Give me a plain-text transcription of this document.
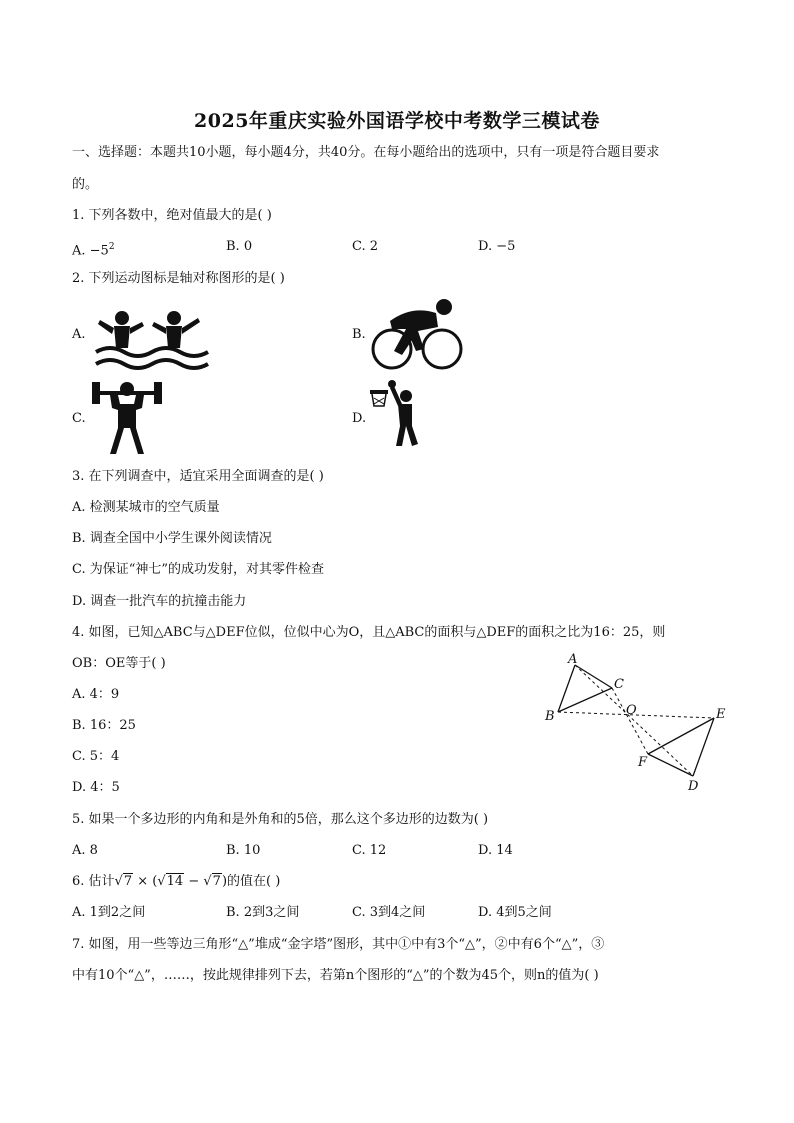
2025年重庆实验外国语学校中考数学三模试卷
一、选择题：本题共10小题，每小题4分，共40分。在每小题给出的选项中，只有一项是符合题目要求
的。
1. 下列各数中，绝对值最大的是( )
A. $-5^2$	B. 0	C. 2	D. −5
2. 下列运动图标是轴对称图形的是( )
A.	B.
C.	D.
3. 在下列调查中，适宜采用全面调查的是( )
A. 检测某城市的空气质量
B. 调查全国中小学生课外阅读情况
C. 为保证“神七”的成功发射，对其零件检查
D. 调查一批汽车的抗撞击能力
4. 如图，已知△ABC与△DEF位似，位似中心为O，且△ABC的面积与△DEF的面积之比为16：25，则
OB：OE等于( )
A. 4：9
B. 16：25
C. 5：4
D. 4：5
A
B
C
O	E
F
D
5. 如果一个多边形的内角和是外角和的5倍，那么这个多边形的边数为( )
A. 8	B. 10	C. 12	D. 14
6. 估计√7 × (√14 − √7)的值在( )
A. 1到2之间	B. 2到3之间	C. 3到4之间	D. 4到5之间
7. 如图，用一些等边三角形“△”堆成“金字塔”图形，其中①中有3个“△”，②中有6个“△”，③
中有10个“△”，……，按此规律排列下去，若第n个图形的“△”的个数为45个，则n的值为( )
